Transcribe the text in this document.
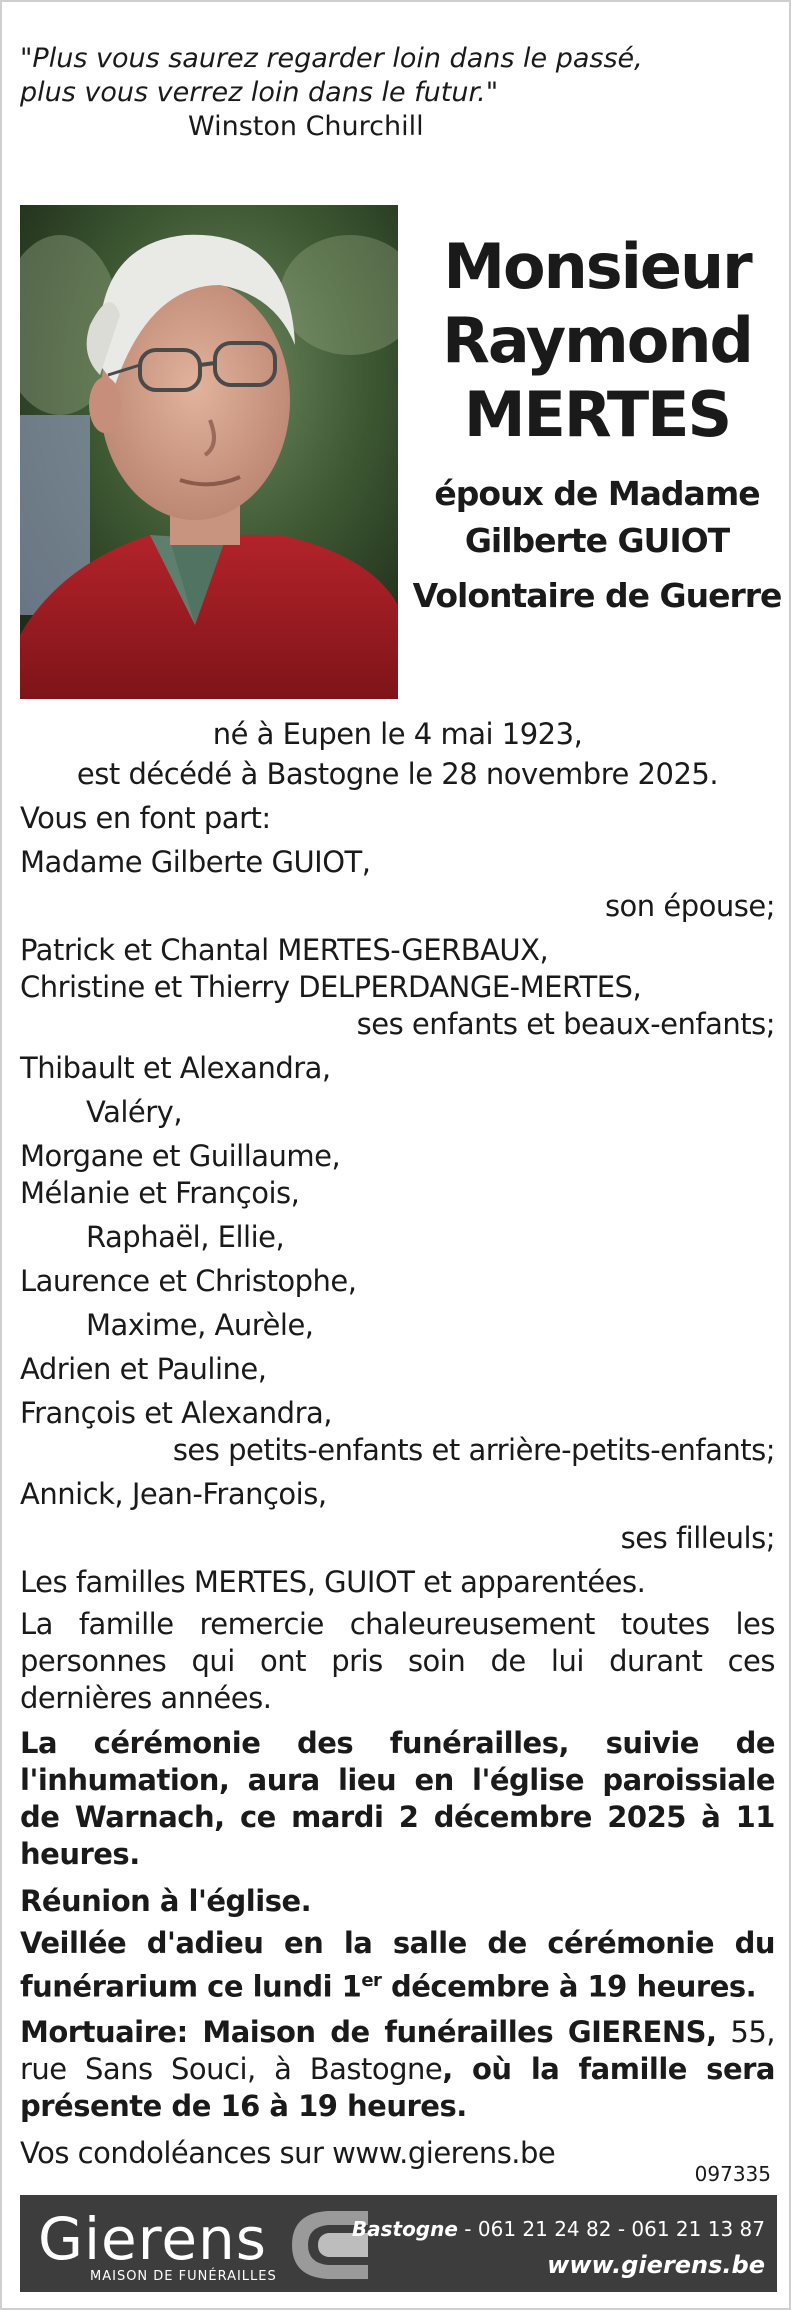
"Plus vous saurez regarder loin dans le passé,
plus vous verrez loin dans le futur."
Winston Churchill
Monsieur
Raymond
MERTES
époux de Madame
Gilberte GUIOT
Volontaire de Guerre
né à Eupen le 4 mai 1923,
est décédé à Bastogne le 28 novembre 2025.
Vous en font part:
Madame Gilberte GUIOT,
son épouse;
Patrick et Chantal MERTES-GERBAUX,
Christine et Thierry DELPERDANGE-MERTES,
ses enfants et beaux-enfants;
Thibault et Alexandra,
Valéry,
Morgane et Guillaume,
Mélanie et François,
Raphaël, Ellie,
Laurence et Christophe,
Maxime, Aurèle,
Adrien et Pauline,
François et Alexandra,
ses petits-enfants et arrière-petits-enfants;
Annick, Jean-François,
ses filleuls;
Les familles MERTES, GUIOT et apparentées.
La famille remercie chaleureusement toutes les personnes qui ont pris soin de lui durant ces dernières années.
La cérémonie des funérailles, suivie de l'inhumation, aura lieu en l'église paroissiale de Warnach, ce mardi 2 décembre 2025 à 11 heures.
Réunion à l'église.
Veillée d'adieu en la salle de cérémonie du funérarium ce lundi 1er décembre à 19 heures.
Mortuaire: Maison de funérailles GIERENS, 55, rue Sans Souci, à Bastogne, où la famille sera présente de 16 à 19 heures.
Vos condoléances sur www.gierens.be
097335
Gierens
MAISON DE FUNÉRAILLES
Bastogne - 061 21 24 82 - 061 21 13 87
www.gierens.be
